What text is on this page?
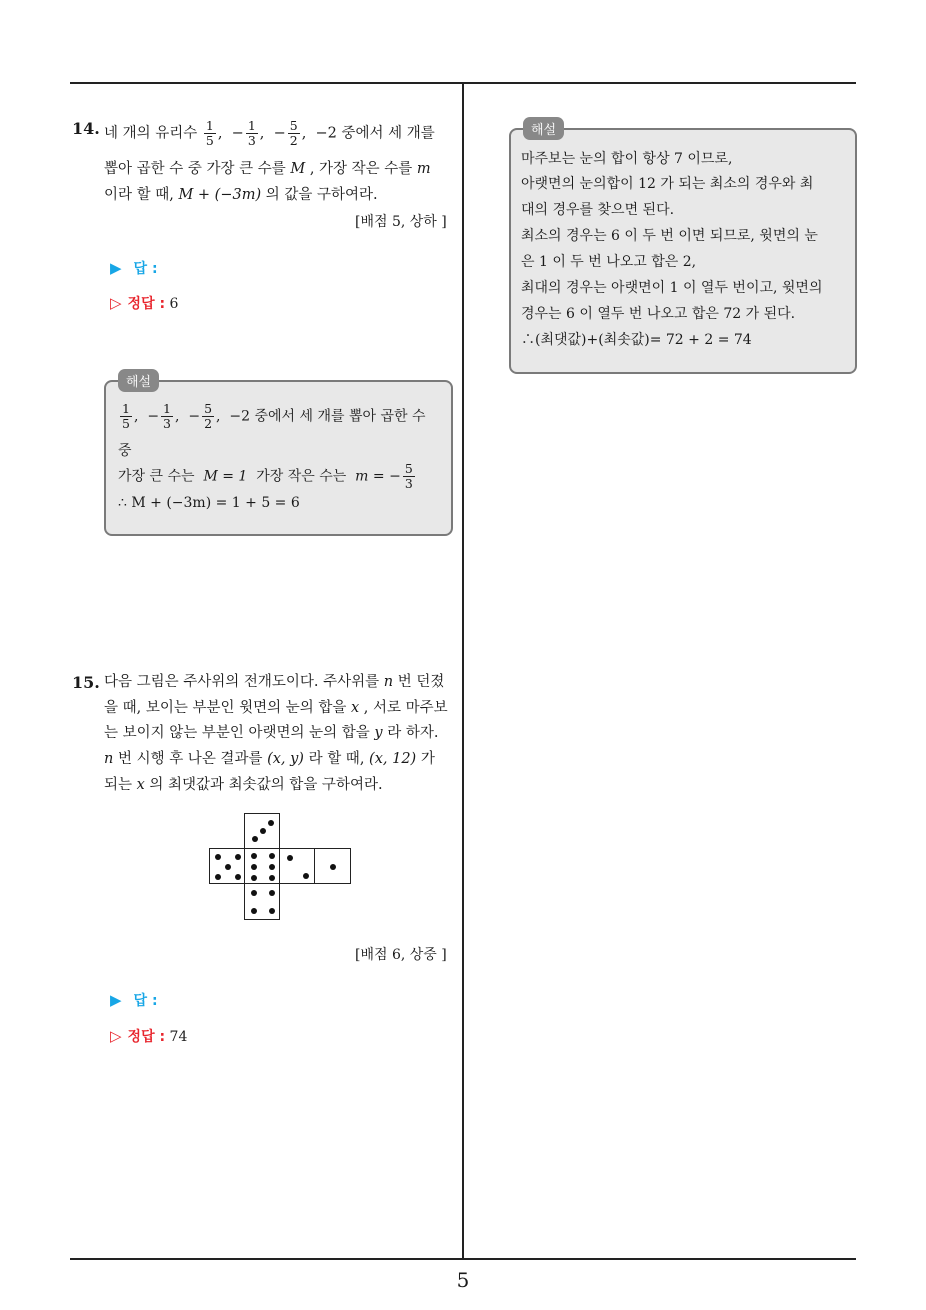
14. 네 개의 유리수 $\frac{1}{5}$ ,  − $\frac{1}{3}$ ,  − $\frac{5}{2}$ ,  −2 중에서 세 개를
뽑아 곱한 수 중 가장 큰 수를 M , 가장 작은 수를 m
이라 할 때, M + (−3m) 의 값을 구하여라.
[배점 5, 상하 ]
▶ 답 :
▷ 정답 : 6
해설
$\frac{1}{5}$ ,  − $\frac{1}{3}$ ,  − $\frac{5}{2}$ ,  −2 중에서 세 개를 뽑아 곱한 수
중
가장 큰 수는 M = 1 가장 작은 수는 m = − $\frac{5}{3}$
∴ M + (−3m) = 1 + 5 = 6
15. 다음 그림은 주사위의 전개도이다. 주사위를 n 번 던졌
을 때, 보이는 부분인 윗면의 눈의 합을 x , 서로 마주보
는 보이지 않는 부분인 아랫면의 눈의 합을 y 라 하자.
n 번 시행 후 나온 결과를 (x, y) 라 할 때, (x, 12) 가
되는 x 의 최댓값과 최솟값의 합을 구하여라.
[배점 6, 상중 ]
▶ 답 :
▷ 정답 : 74
해설
마주보는 눈의 합이 항상 7 이므로,
아랫면의 눈의합이 12 가 되는 최소의 경우와 최
대의 경우를 찾으면 된다.
최소의 경우는 6 이 두 번 이면 되므로, 윗면의 눈
은 1 이 두 번 나오고 합은 2,
최대의 경우는 아랫면이 1 이 열두 번이고, 윗면의
경우는 6 이 열두 번 나오고 합은 72 가 된다.
∴(최댓값)+(최솟값)= 72 + 2 = 74
5
